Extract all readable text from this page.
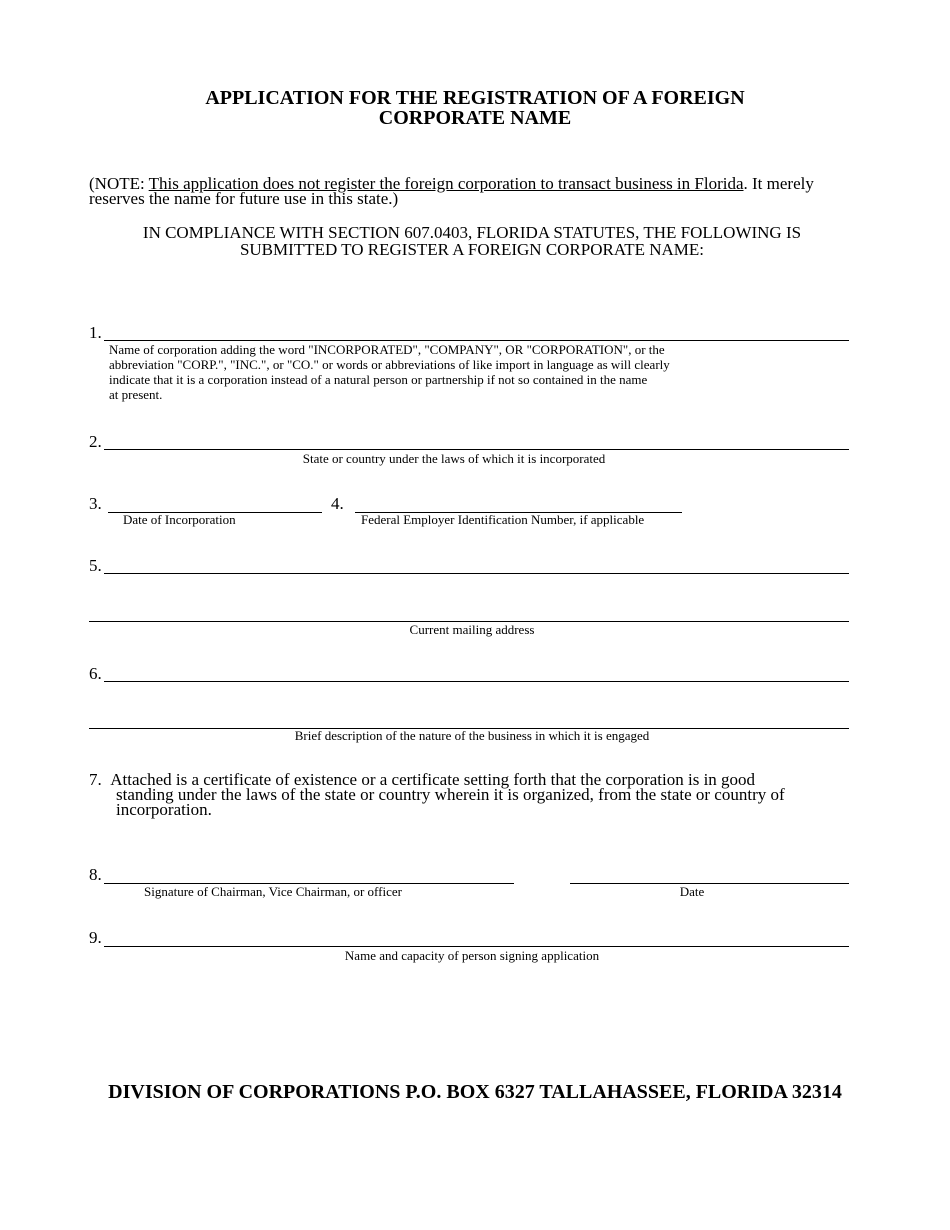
APPLICATION FOR THE REGISTRATION OF A FOREIGN
CORPORATE NAME
(NOTE: This application does not register the foreign corporation to transact business in Florida. It merely reserves the name for future use in this state.)
IN COMPLIANCE WITH SECTION 607.0403, FLORIDA STATUTES, THE FOLLOWING IS
SUBMITTED TO REGISTER A FOREIGN CORPORATE NAME:
1.
Name of corporation adding the word "INCORPORATED", "COMPANY", OR "CORPORATION", or the
abbreviation "CORP.", "INC.", or "CO." or words or abbreviations of like import in language as will clearly
indicate that it is a corporation instead of a natural person or partnership if not so contained in the name
at present.
2.
State or country under the laws of which it is incorporated
3.
Date of Incorporation
4.
Federal Employer Identification Number, if applicable
5.
Current mailing address
6.
Brief description of the nature of the business in which it is engaged
7. Attached is a certificate of existence or a certificate setting forth that the corporation is in good
standing under the laws of the state or country wherein it is organized, from the state or country of
incorporation.
8.
Signature of Chairman, Vice Chairman, or officer	Date
9.
Name and capacity of person signing application
DIVISION OF CORPORATIONS P.O. BOX 6327 TALLAHASSEE, FLORIDA 32314
